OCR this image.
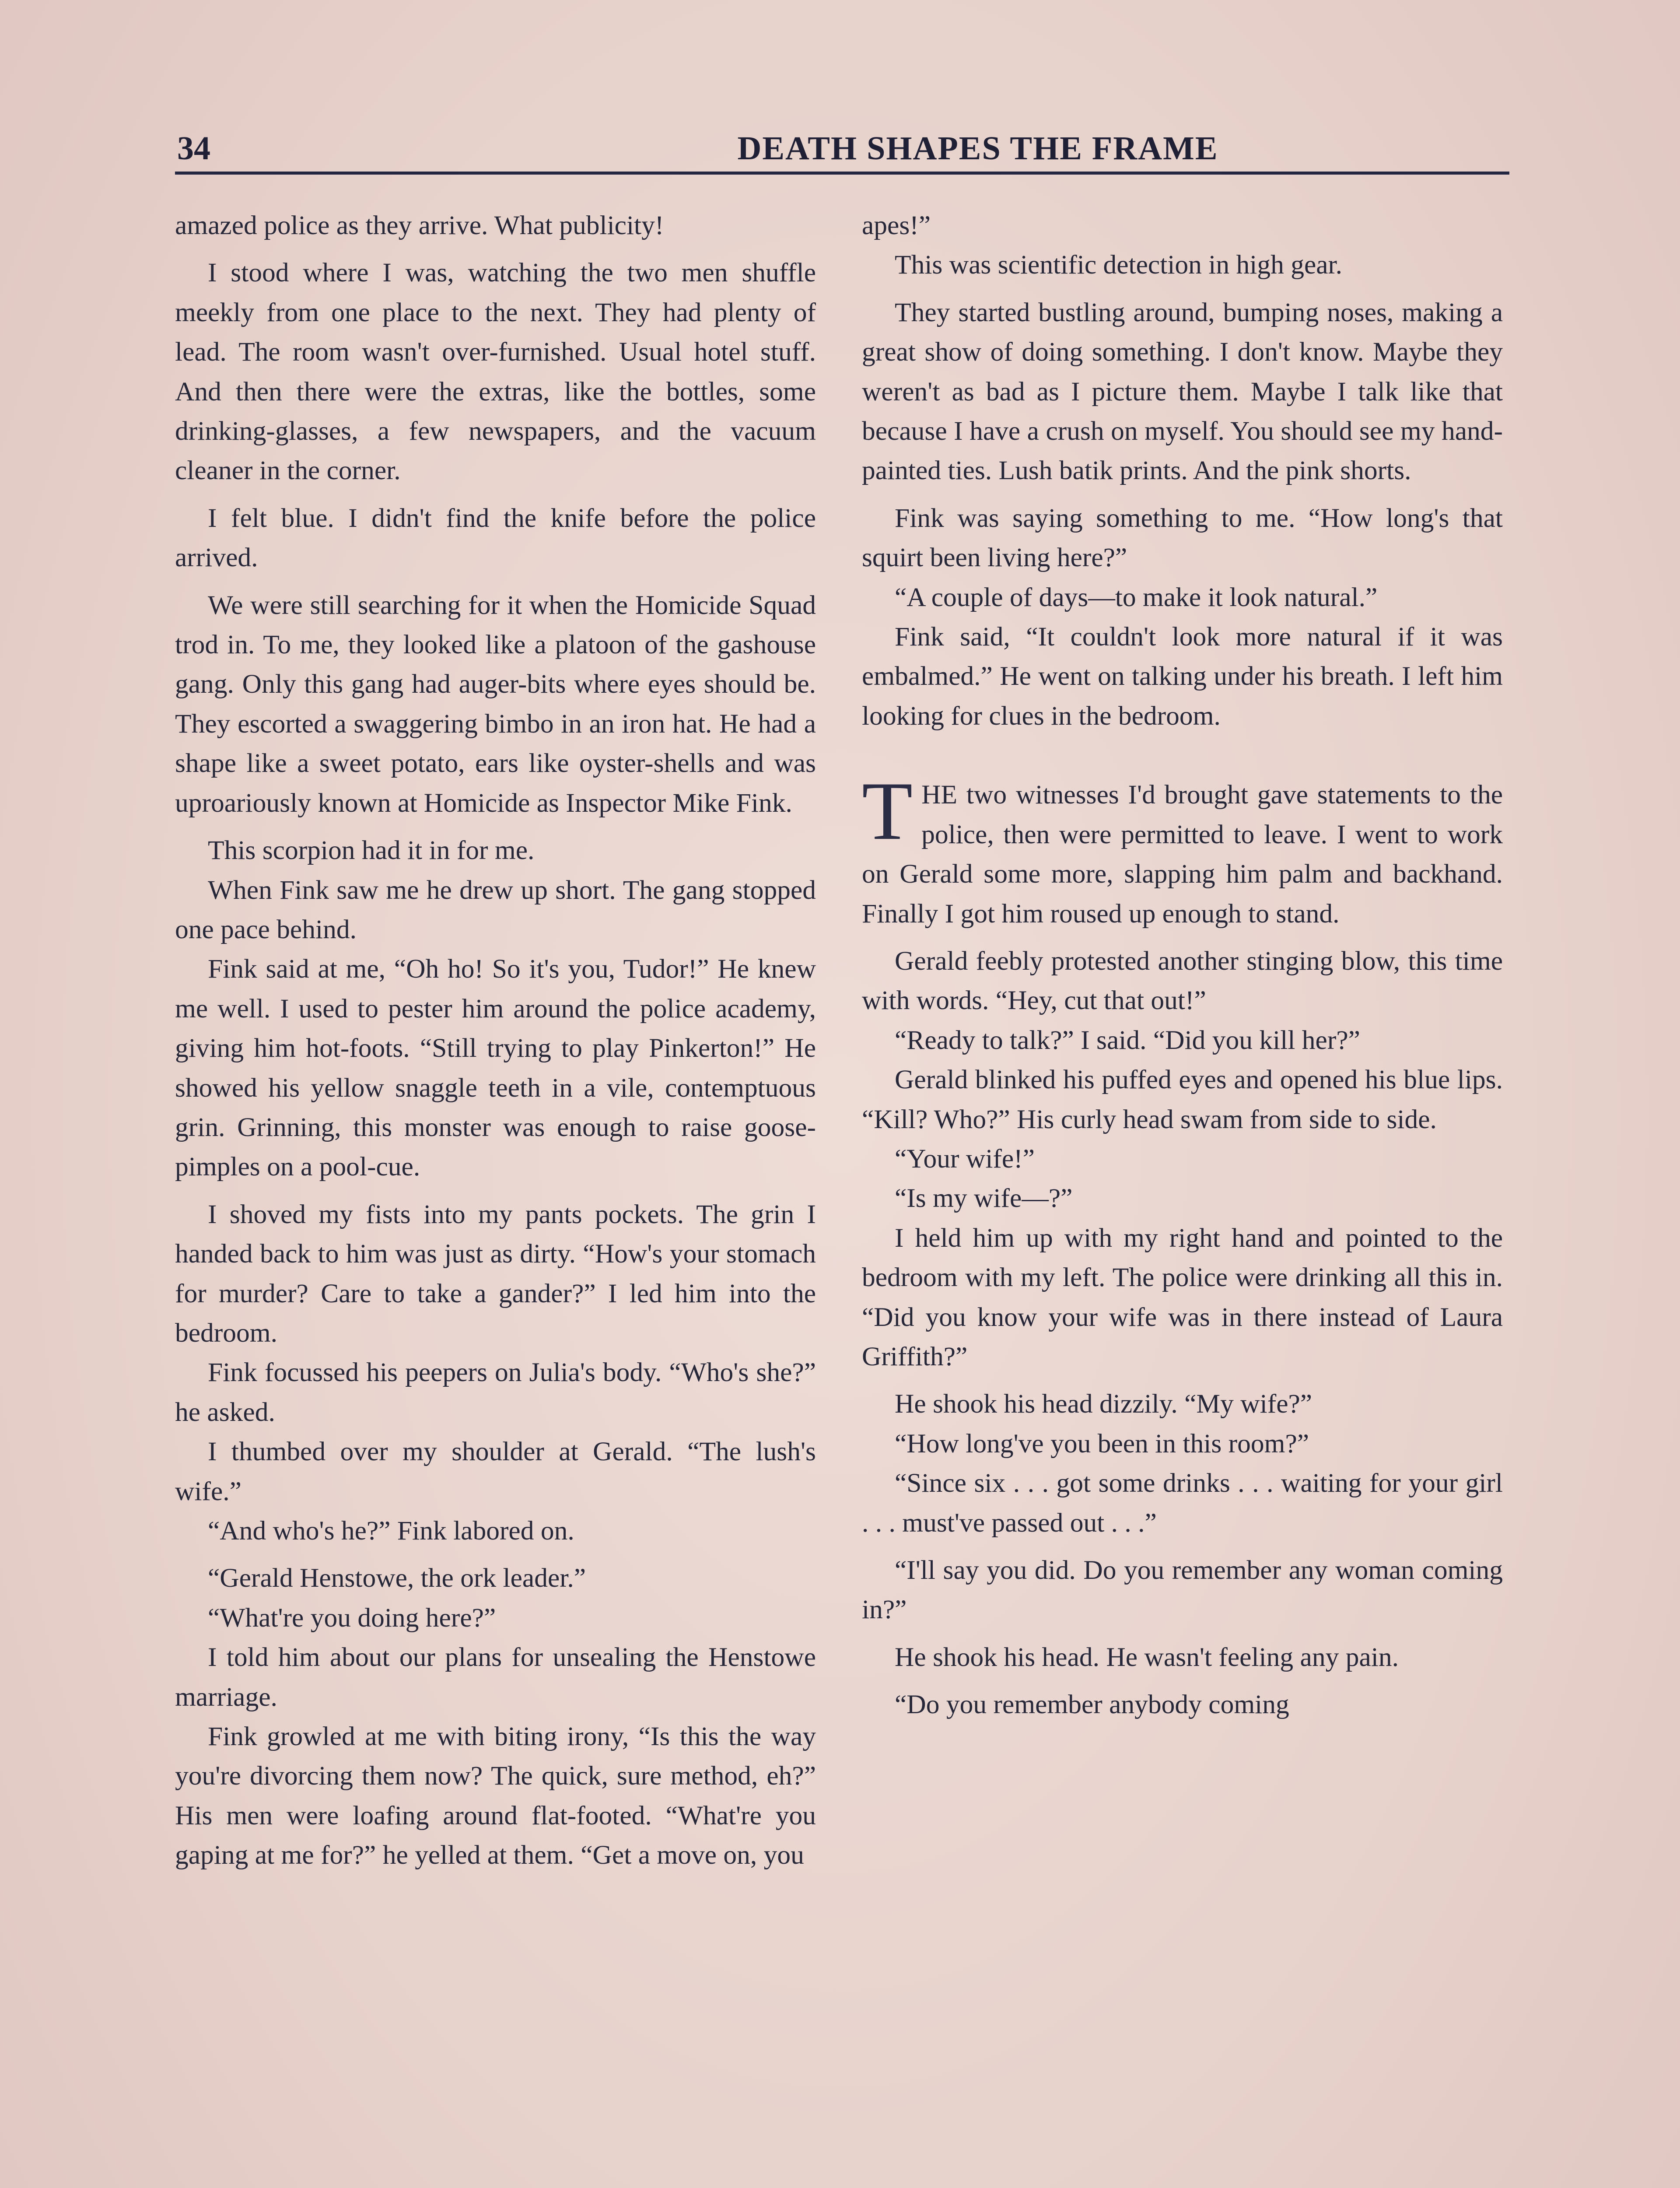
34	DEATH SHAPES THE FRAME

amazed police as they arrive. What publicity!

I stood where I was, watching the two men shuffle meekly from one place to the next. They had plenty of lead. The room wasn't over-furnished. Usual hotel stuff. And then there were the extras, like the bottles, some drinking-glasses, a few newspapers, and the vacuum cleaner in the corner.

I felt blue. I didn't find the knife before the police arrived.

We were still searching for it when the Homicide Squad trod in. To me, they looked like a platoon of the gashouse gang. Only this gang had auger-bits where eyes should be. They escorted a swaggering bimbo in an iron hat. He had a shape like a sweet potato, ears like oyster-shells and was uproariously known at Homicide as Inspector Mike Fink.

This scorpion had it in for me.

When Fink saw me he drew up short. The gang stopped one pace behind.

Fink said at me, “Oh ho! So it's you, Tudor!” He knew me well. I used to pester him around the police academy, giving him hot-foots. “Still trying to play Pinkerton!” He showed his yellow snaggle teeth in a vile, contemptuous grin. Grinning, this monster was enough to raise goose-pimples on a pool-cue.

I shoved my fists into my pants pockets. The grin I handed back to him was just as dirty. “How's your stomach for murder? Care to take a gander?” I led him into the bedroom.

Fink focussed his peepers on Julia's body. “Who's she?” he asked.

I thumbed over my shoulder at Gerald. “The lush's wife.”

“And who's he?” Fink labored on.

“Gerald Henstowe, the ork leader.”

“What're you doing here?”

I told him about our plans for unsealing the Henstowe marriage.

Fink growled at me with biting irony, “Is this the way you're divorcing them now? The quick, sure method, eh?” His men were loafing around flat-footed. “What're you gaping at me for?” he yelled at them. “Get a move on, you

apes!”

This was scientific detection in high gear.

They started bustling around, bumping noses, making a great show of doing something. I don't know. Maybe they weren't as bad as I picture them. Maybe I talk like that because I have a crush on myself. You should see my hand-painted ties. Lush batik prints. And the pink shorts.

Fink was saying something to me. “How long's that squirt been living here?”

“A couple of days—to make it look natural.”

Fink said, “It couldn't look more natural if it was embalmed.” He went on talking under his breath. I left him looking for clues in the bedroom.

THE two witnesses I'd brought gave statements to the police, then were permitted to leave. I went to work on Gerald some more, slapping him palm and backhand. Finally I got him roused up enough to stand.

Gerald feebly protested another stinging blow, this time with words. “Hey, cut that out!”

“Ready to talk?” I said. “Did you kill her?”

Gerald blinked his puffed eyes and opened his blue lips. “Kill? Who?” His curly head swam from side to side.

“Your wife!”

“Is my wife—?”

I held him up with my right hand and pointed to the bedroom with my left. The police were drinking all this in. “Did you know your wife was in there instead of Laura Griffith?”

He shook his head dizzily. “My wife?”

“How long've you been in this room?”

“Since six . . . got some drinks . . . waiting for your girl . . . must've passed out . . .”

“I'll say you did. Do you remember any woman coming in?”

He shook his head. He wasn't feeling any pain.

“Do you remember anybody coming
